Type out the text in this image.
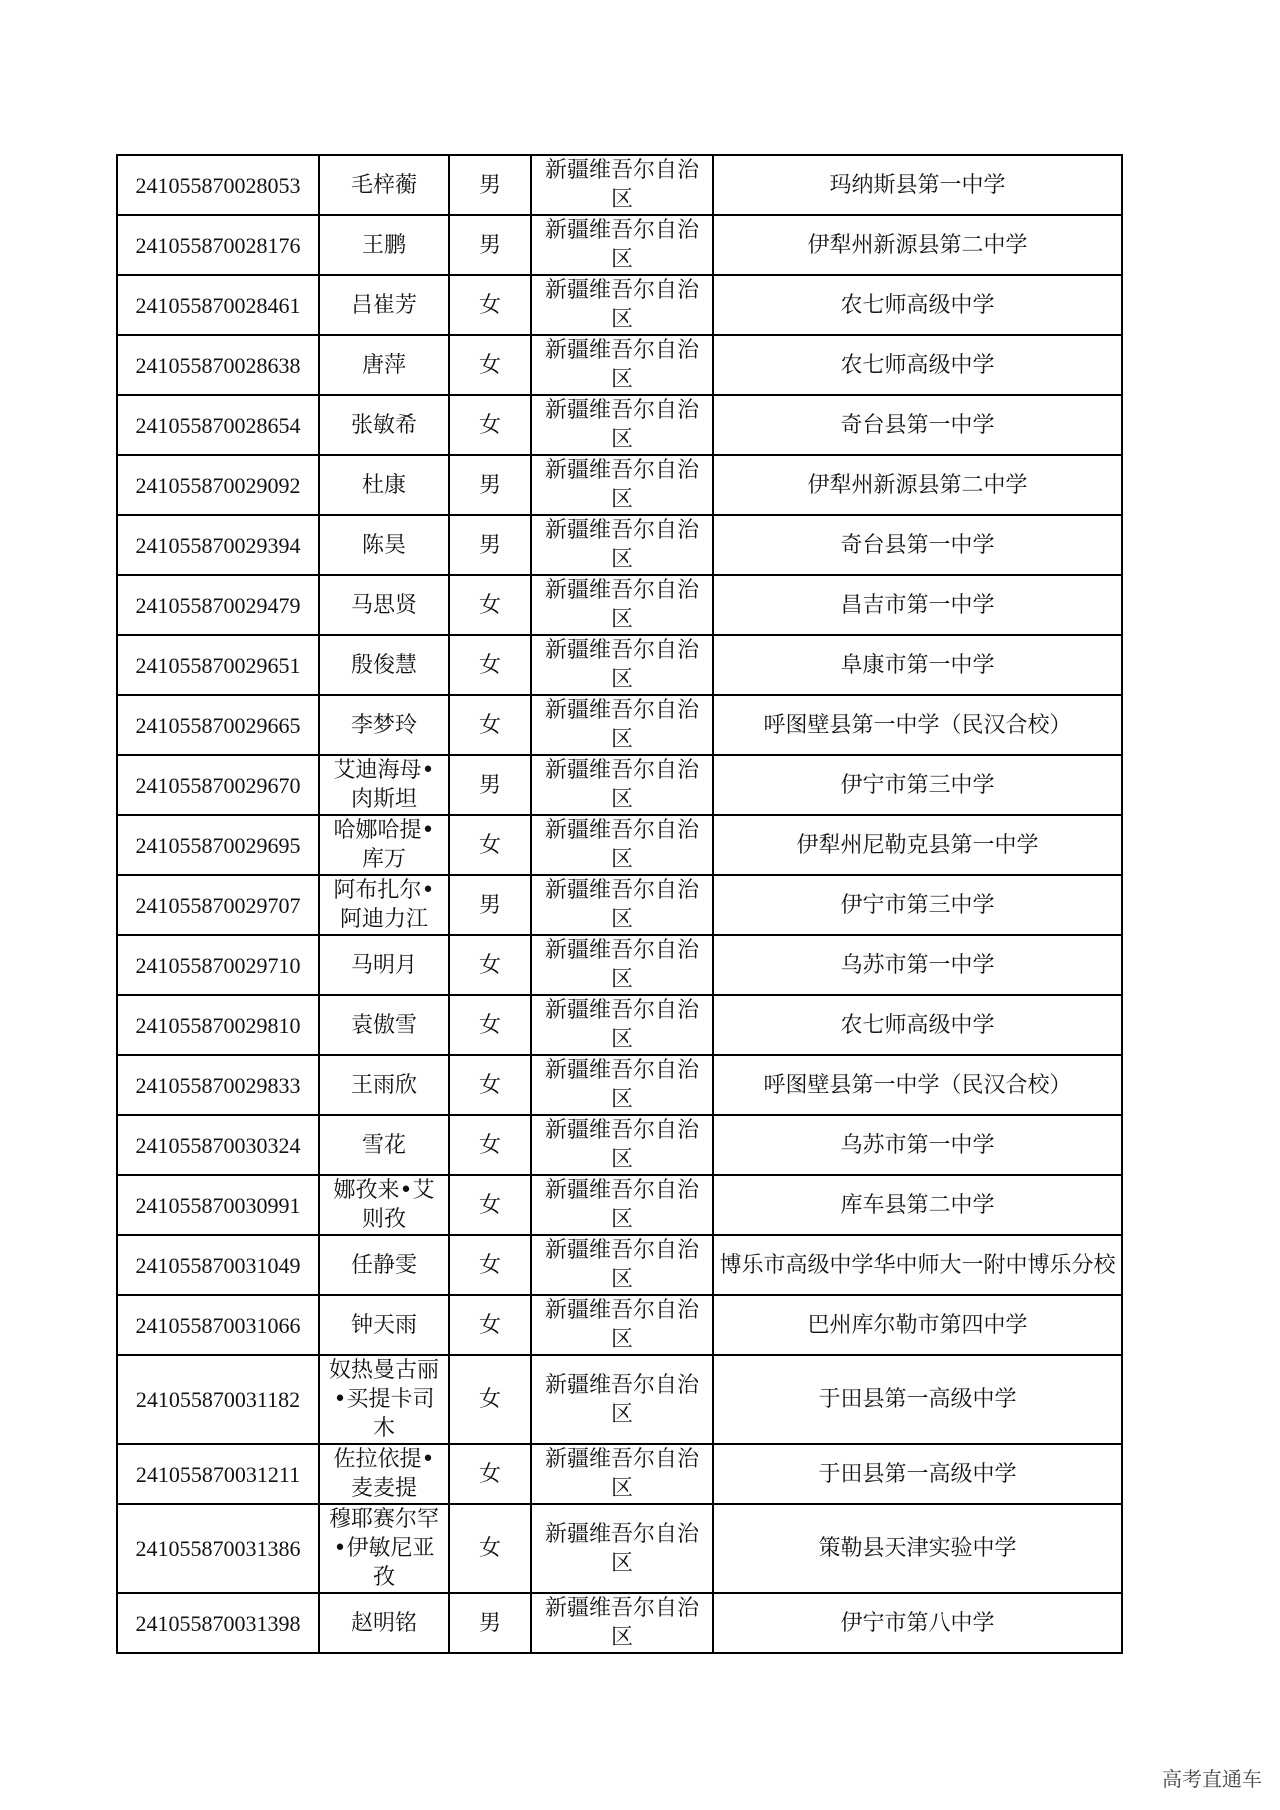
241055870028053	毛梓蘅	男	新疆维吾尔自治区	玛纳斯县第一中学
241055870028176	王鹏	男	新疆维吾尔自治区	伊犁州新源县第二中学
241055870028461	吕崔芳	女	新疆维吾尔自治区	农七师高级中学
241055870028638	唐萍	女	新疆维吾尔自治区	农七师高级中学
241055870028654	张敏希	女	新疆维吾尔自治区	奇台县第一中学
241055870029092	杜康	男	新疆维吾尔自治区	伊犁州新源县第二中学
241055870029394	陈昊	男	新疆维吾尔自治区	奇台县第一中学
241055870029479	马思贤	女	新疆维吾尔自治区	昌吉市第一中学
241055870029651	殷俊慧	女	新疆维吾尔自治区	阜康市第一中学
241055870029665	李梦玲	女	新疆维吾尔自治区	呼图壁县第一中学（民汉合校）
241055870029670	艾迪海母•肉斯坦	男	新疆维吾尔自治区	伊宁市第三中学
241055870029695	哈娜哈提•库万	女	新疆维吾尔自治区	伊犁州尼勒克县第一中学
241055870029707	阿布扎尔•阿迪力江	男	新疆维吾尔自治区	伊宁市第三中学
241055870029710	马明月	女	新疆维吾尔自治区	乌苏市第一中学
241055870029810	袁傲雪	女	新疆维吾尔自治区	农七师高级中学
241055870029833	王雨欣	女	新疆维吾尔自治区	呼图壁县第一中学（民汉合校）
241055870030324	雪花	女	新疆维吾尔自治区	乌苏市第一中学
241055870030991	娜孜来•艾则孜	女	新疆维吾尔自治区	库车县第二中学
241055870031049	任静雯	女	新疆维吾尔自治区	博乐市高级中学华中师大一附中博乐分校
241055870031066	钟天雨	女	新疆维吾尔自治区	巴州库尔勒市第四中学
241055870031182	奴热曼古丽•买提卡司木	女	新疆维吾尔自治区	于田县第一高级中学
241055870031211	佐拉依提•麦麦提	女	新疆维吾尔自治区	于田县第一高级中学
241055870031386	穆耶赛尔罕•伊敏尼亚孜	女	新疆维吾尔自治区	策勒县天津实验中学
241055870031398	赵明铭	男	新疆维吾尔自治区	伊宁市第八中学
高考直通车
